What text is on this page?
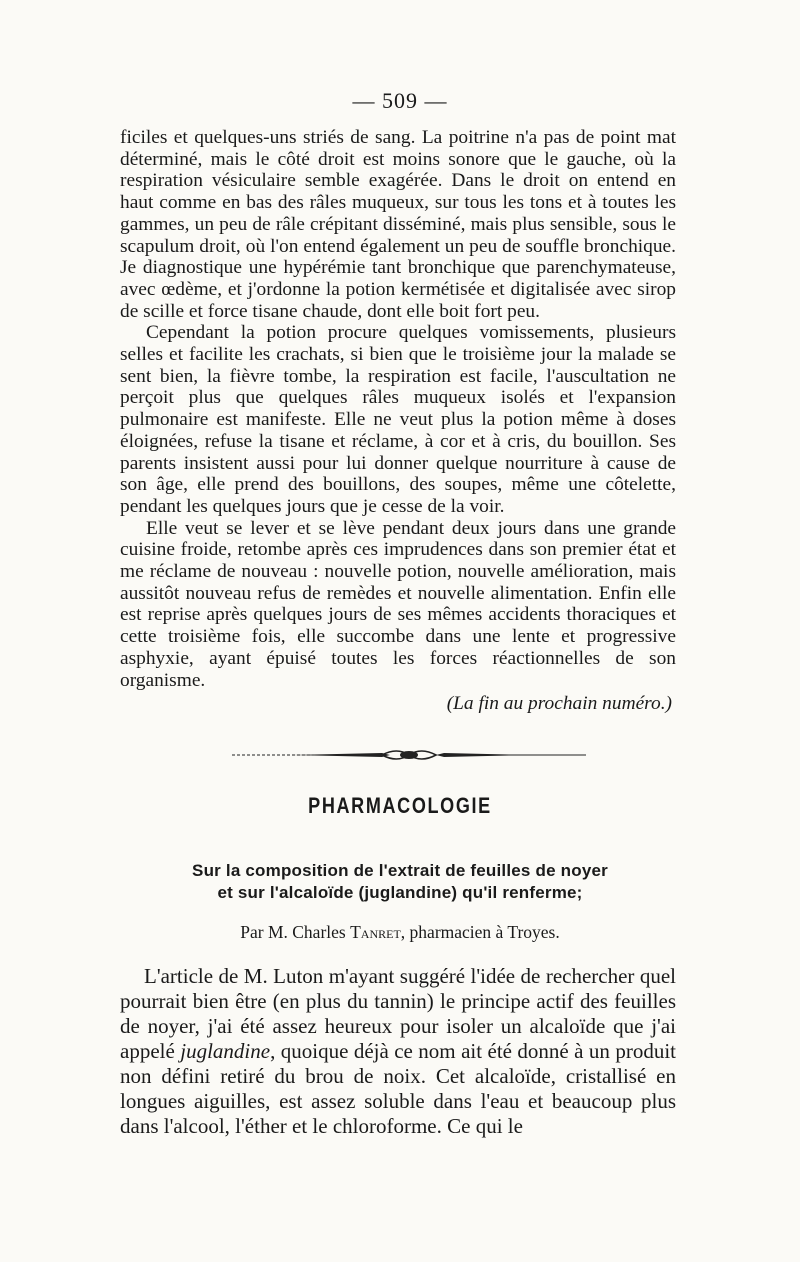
— 509 —

ficiles et quelques-uns striés de sang. La poitrine n'a pas de point mat déterminé, mais le côté droit est moins sonore que le gauche, où la respiration vésiculaire semble exagérée. Dans le droit on entend en haut comme en bas des râles muqueux, sur tous les tons et à toutes les gammes, un peu de râle crépitant disséminé, mais plus sensible, sous le scapulum droit, où l'on entend également un peu de souffle bronchique. Je diagnostique une hypérémie tant bronchique que parenchymateuse, avec œdème, et j'ordonne la potion kermétisée et digitalisée avec sirop de scille et force tisane chaude, dont elle boit fort peu.

Cependant la potion procure quelques vomissements, plusieurs selles et facilite les crachats, si bien que le troisième jour la malade se sent bien, la fièvre tombe, la respiration est facile, l'auscultation ne perçoit plus que quelques râles muqueux isolés et l'expansion pulmonaire est manifeste. Elle ne veut plus la potion même à doses éloignées, refuse la tisane et réclame, à cor et à cris, du bouillon. Ses parents insistent aussi pour lui donner quelque nourriture à cause de son âge, elle prend des bouillons, des soupes, même une côtelette, pendant les quelques jours que je cesse de la voir.

Elle veut se lever et se lève pendant deux jours dans une grande cuisine froide, retombe après ces imprudences dans son premier état et me réclame de nouveau : nouvelle potion, nouvelle amélioration, mais aussitôt nouveau refus de remèdes et nouvelle alimentation. Enfin elle est reprise après quelques jours de ses mêmes accidents thoraciques et cette troisième fois, elle succombe dans une lente et progressive asphyxie, ayant épuisé toutes les forces réactionnelles de son organisme.

(La fin au prochain numéro.)

PHARMACOLOGIE
Sur la composition de l'extrait de feuilles de noyer
et sur l'alcaloïde (juglandine) qu'il renferme;
Par M. Charles Tanret, pharmacien à Troyes.

L'article de M. Luton m'ayant suggéré l'idée de rechercher quel pourrait bien être (en plus du tannin) le principe actif des feuilles de noyer, j'ai été assez heureux pour isoler un alcaloïde que j'ai appelé juglandine, quoique déjà ce nom ait été donné à un produit non défini retiré du brou de noix. Cet alcaloïde, cristallisé en longues aiguilles, est assez soluble dans l'eau et beaucoup plus dans l'alcool, l'éther et le chloroforme. Ce qui le
